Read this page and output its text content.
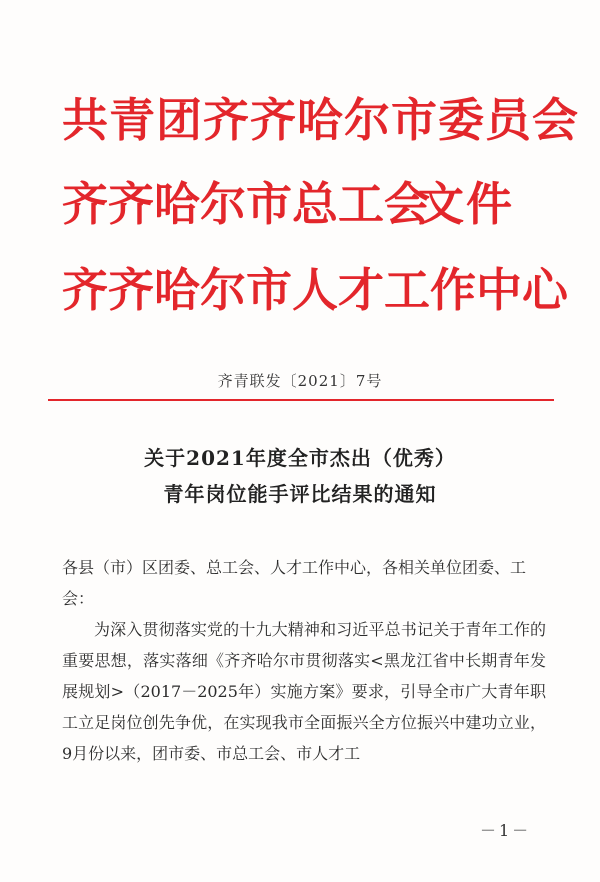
共青团齐齐哈尔市委员会
齐 齐 哈 尔 市 总 工 会
文件
齐齐哈尔市人才工作中心
齐青联发〔2021〕7号
关于2021年度全市杰出（优秀）
青年岗位能手评比结果的通知
各县（市）区团委、总工会、人才工作中心，各相关单位团委、工会：
为深入贯彻落实党的十九大精神和习近平总书记关于青年工作的重要思想，落实落细《齐齐哈尔市贯彻落实<黑龙江省中长期青年发展规划>（2017－2025年）实施方案》要求，引导全市广大青年职工立足岗位创先争优，在实现我市全面振兴全方位振兴中建功立业，9月份以来，团市委、市总工会、市人才工
－1－
